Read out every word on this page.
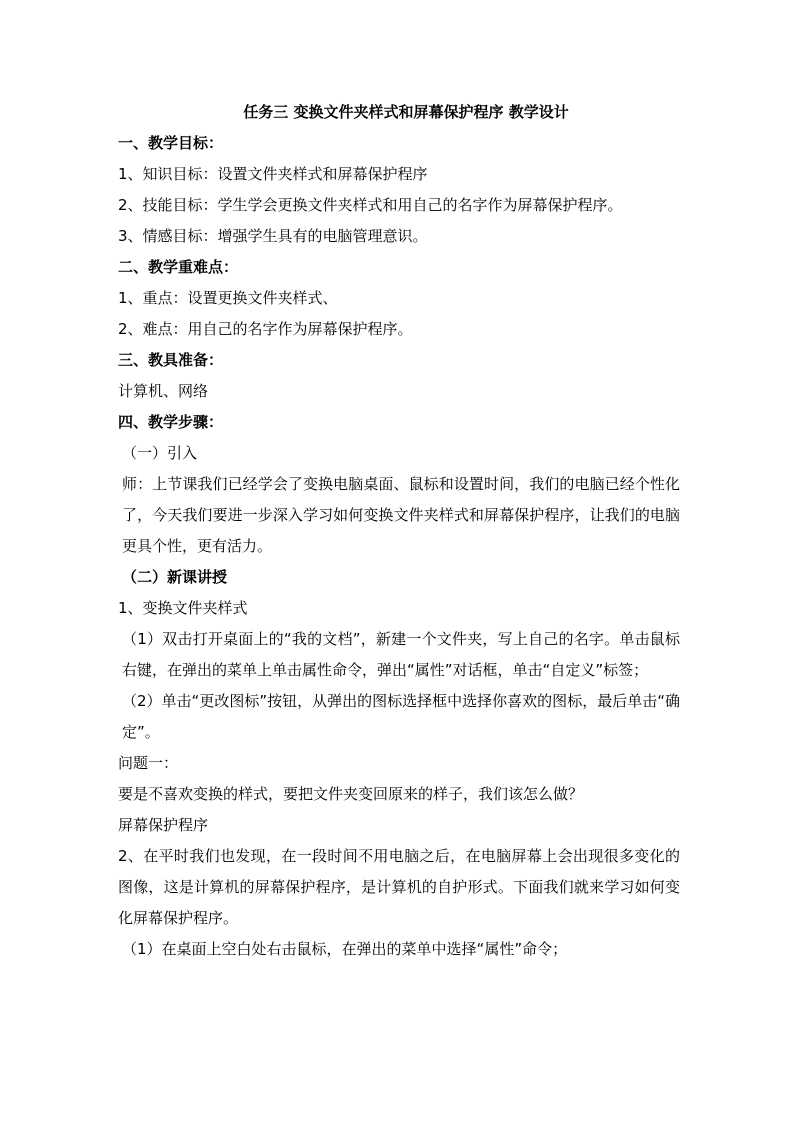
任务三 变换文件夹样式和屏幕保护程序 教学设计

一、教学目标：

1、知识目标：设置文件夹样式和屏幕保护程序

2、技能目标：学生学会更换文件夹样式和用自己的名字作为屏幕保护程序。

3、情感目标：增强学生具有的电脑管理意识。

二、教学重难点：

1、重点：设置更换文件夹样式、

2、难点：用自己的名字作为屏幕保护程序。

三、教具准备：

计算机、网络

四、教学步骤：

（一）引入

师：上节课我们已经学会了变换电脑桌面、鼠标和设置时间，我们的电脑已经个性化了，今天我们要进一步深入学习如何变换文件夹样式和屏幕保护程序，让我们的电脑更具个性，更有活力。

（二）新课讲授

1、变换文件夹样式

（1）双击打开桌面上的“我的文档”，新建一个文件夹，写上自己的名字。单击鼠标右键，在弹出的菜单上单击属性命令，弹出“属性”对话框，单击“自定义”标签；

（2）单击“更改图标”按钮，从弹出的图标选择框中选择你喜欢的图标，最后单击“确定”。

问题一：

要是不喜欢变换的样式，要把文件夹变回原来的样子，我们该怎么做？

屏幕保护程序

2、在平时我们也发现，在一段时间不用电脑之后，在电脑屏幕上会出现很多变化的图像，这是计算机的屏幕保护程序，是计算机的自护形式。下面我们就来学习如何变化屏幕保护程序。

（1）在桌面上空白处右击鼠标，在弹出的菜单中选择“属性”命令；
